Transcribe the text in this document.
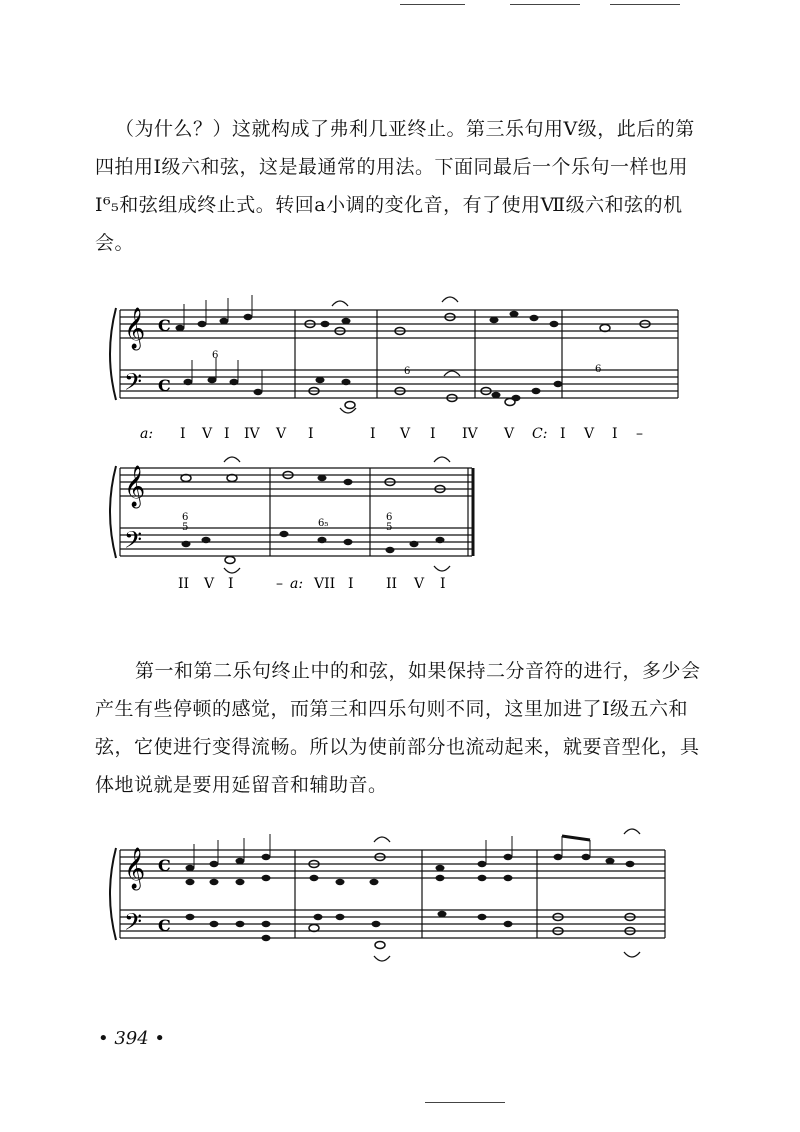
（为什么？）这就构成了弗利几亚终止。第三乐句用Ⅴ级，此后的第四拍用Ⅰ级六和弦，这是最通常的用法。下面同最后一个乐句一样也用Ⅰ⁶₅和弦组成终止式。转回a小调的变化音，有了使用Ⅶ级六和弦的机会。

𝄞
𝄢
C
C
6
6	6
a: I V I IV V I	I V I IV V C: I V I –
𝄞
𝄢
6
5	6₅
6
5
II V I	– a: VII I II V I

第一和第二乐句终止中的和弦，如果保持二分音符的进行，多少会产生有些停顿的感觉，而第三和四乐句则不同，这里加进了Ⅰ级五六和弦，它使进行变得流畅。所以为使前部分也流动起来，就要音型化，具体地说就是要用延留音和辅助音。

𝄞
𝄢
C
C
• 394 •
